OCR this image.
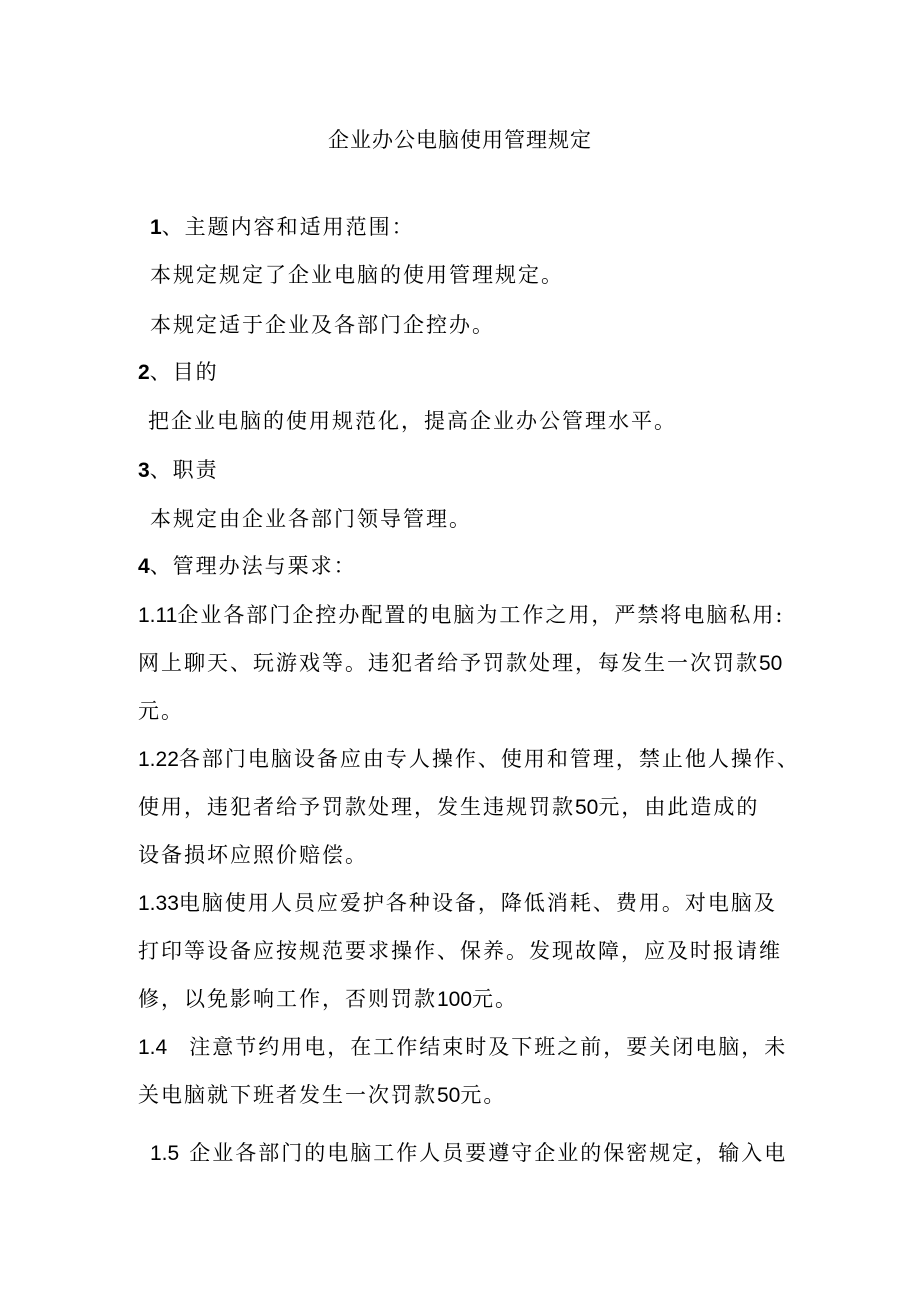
企业办公电脑使用管理规定
1、主题内容和适用范围：
本规定规定了企业电脑的使用管理规定。
本规定适于企业及各部门企控办。
2、目的
把企业电脑的使用规范化，提高企业办公管理水平。
3、职责
本规定由企业各部门领导管理。
4、管理办法与栗求：
1.11企业各部门企控办配置的电脑为工作之用，严禁将电脑私用:
网上聊天、玩游戏等。违犯者给予罚款处理，每发生一次罚款50
元。
1.22各部门电脑设备应由专人操作、使用和管理，禁止他人操作、
使用，违犯者给予罚款处理，发生违规罚款50元，由此造成的
设备损坏应照价赔偿。
1.33电脑使用人员应爱护各种设备，降低消耗、费用。对电脑及
打印等设备应按规范要求操作、保养。发现故障，应及时报请维
修，以免影响工作，否则罚款100元。
1.4 注意节约用电，在工作结束时及下班之前，要关闭电脑，未
关电脑就下班者发生一次罚款50元。
1.5 企业各部门的电脑工作人员要遵守企业的保密规定，输入电
